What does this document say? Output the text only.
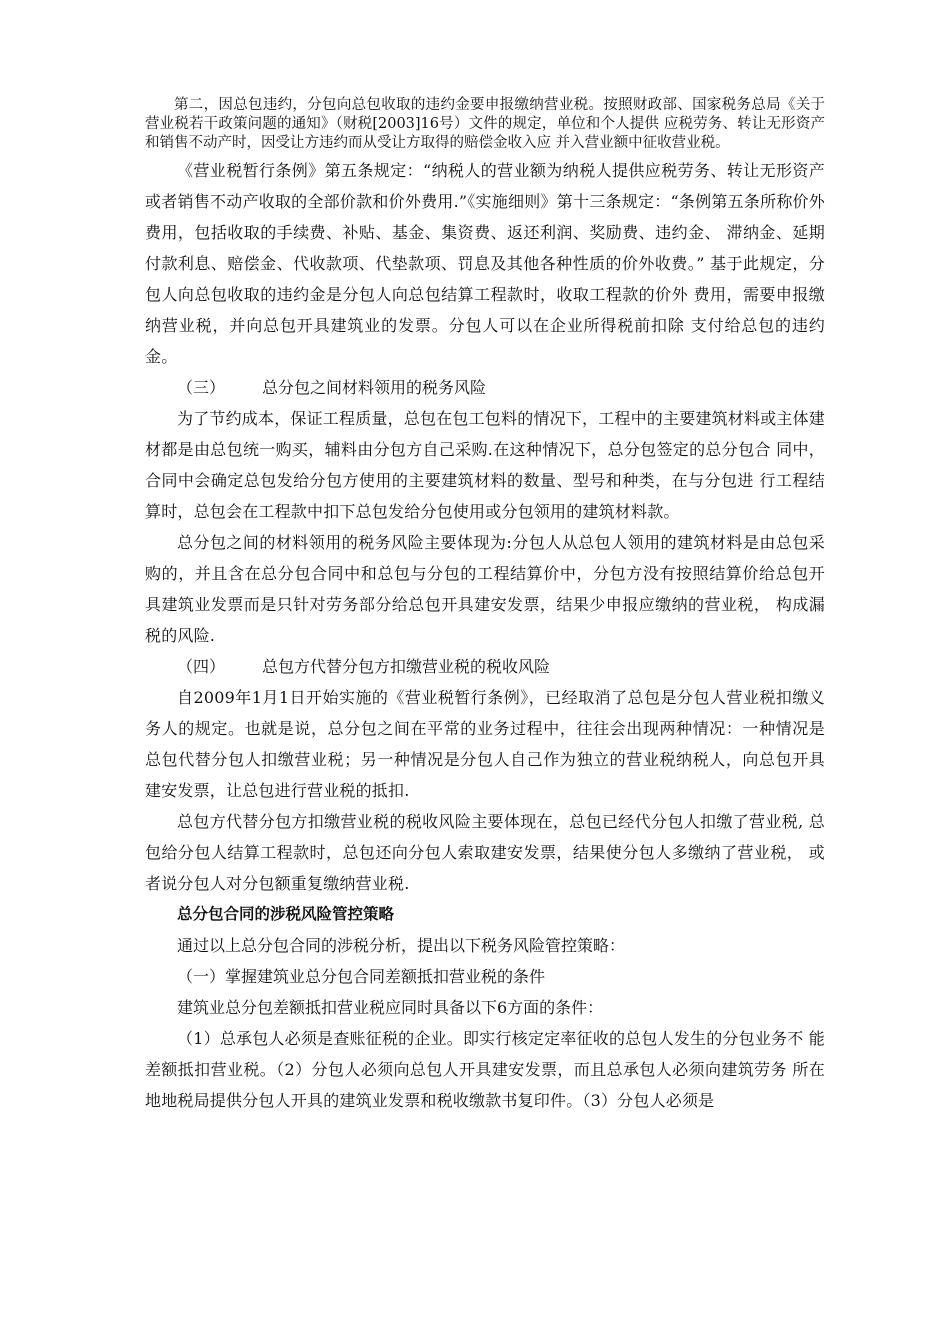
第二，因总包违约，分包向总包收取的违约金要申报缴纳营业税。按照财政部、国家税务总局《关于营业税若干政策问题的通知》（财税[2003]16号）文件的规定，单位和个人提供 应税劳务、转让无形资产和销售不动产时，因受让方违约而从受让方取得的赔偿金收入应 并入营业额中征收营业税。

《营业税暂行条例》第五条规定：“纳税人的营业额为纳税人提供应税劳务、转让无形资产或者销售不动产收取的全部价款和价外费用.”《实施细则》第十三条规定：“条例第五条所称价外费用，包括收取的手续费、补贴、基金、集资费、返还利润、奖励费、违约金、 滞纳金、延期付款利息、赔偿金、代收款项、代垫款项、罚息及其他各种性质的价外收费。” 基于此规定，分包人向总包收取的违约金是分包人向总包结算工程款时，收取工程款的价外 费用，需要申报缴纳营业税，并向总包开具建筑业的发票。分包人可以在企业所得税前扣除 支付给总包的违约金。

（三） 总分包之间材料领用的税务风险

为了节约成本，保证工程质量，总包在包工包料的情况下，工程中的主要建筑材料或主体建材都是由总包统一购买，辅料由分包方自己采购.在这种情况下，总分包签定的总分包合 同中，合同中会确定总包发给分包方使用的主要建筑材料的数量、型号和种类，在与分包进 行工程结算时，总包会在工程款中扣下总包发给分包使用或分包领用的建筑材料款。

总分包之间的材料领用的税务风险主要体现为:分包人从总包人领用的建筑材料是由总包采购的，并且含在总分包合同中和总包与分包的工程结算价中，分包方没有按照结算价给总包开具建筑业发票而是只针对劳务部分给总包开具建安发票，结果少申报应缴纳的营业税， 构成漏税的风险.

（四） 总包方代替分包方扣缴营业税的税收风险

自2009年1月1日开始实施的《营业税暂行条例》，已经取消了总包是分包人营业税扣缴义务人的规定。也就是说，总分包之间在平常的业务过程中，往往会出现两种情况：一种情况是总包代替分包人扣缴营业税；另一种情况是分包人自己作为独立的营业税纳税人，向总包开具建安发票，让总包进行营业税的抵扣.

总包方代替分包方扣缴营业税的税收风险主要体现在，总包已经代分包人扣缴了营业税, 总包给分包人结算工程款时，总包还向分包人索取建安发票，结果使分包人多缴纳了营业税， 或者说分包人对分包额重复缴纳营业税.

总分包合同的涉税风险管控策略

通过以上总分包合同的涉税分析，提出以下税务风险管控策略：

（一）掌握建筑业总分包合同差额抵扣营业税的条件

建筑业总分包差额抵扣营业税应同时具备以下6方面的条件：

（1）总承包人必须是查账征税的企业。即实行核定定率征收的总包人发生的分包业务不 能差额抵扣营业税。（2）分包人必须向总包人开具建安发票，而且总承包人必须向建筑劳务 所在地地税局提供分包人开具的建筑业发票和税收缴款书复印件。（3）分包人必须是
